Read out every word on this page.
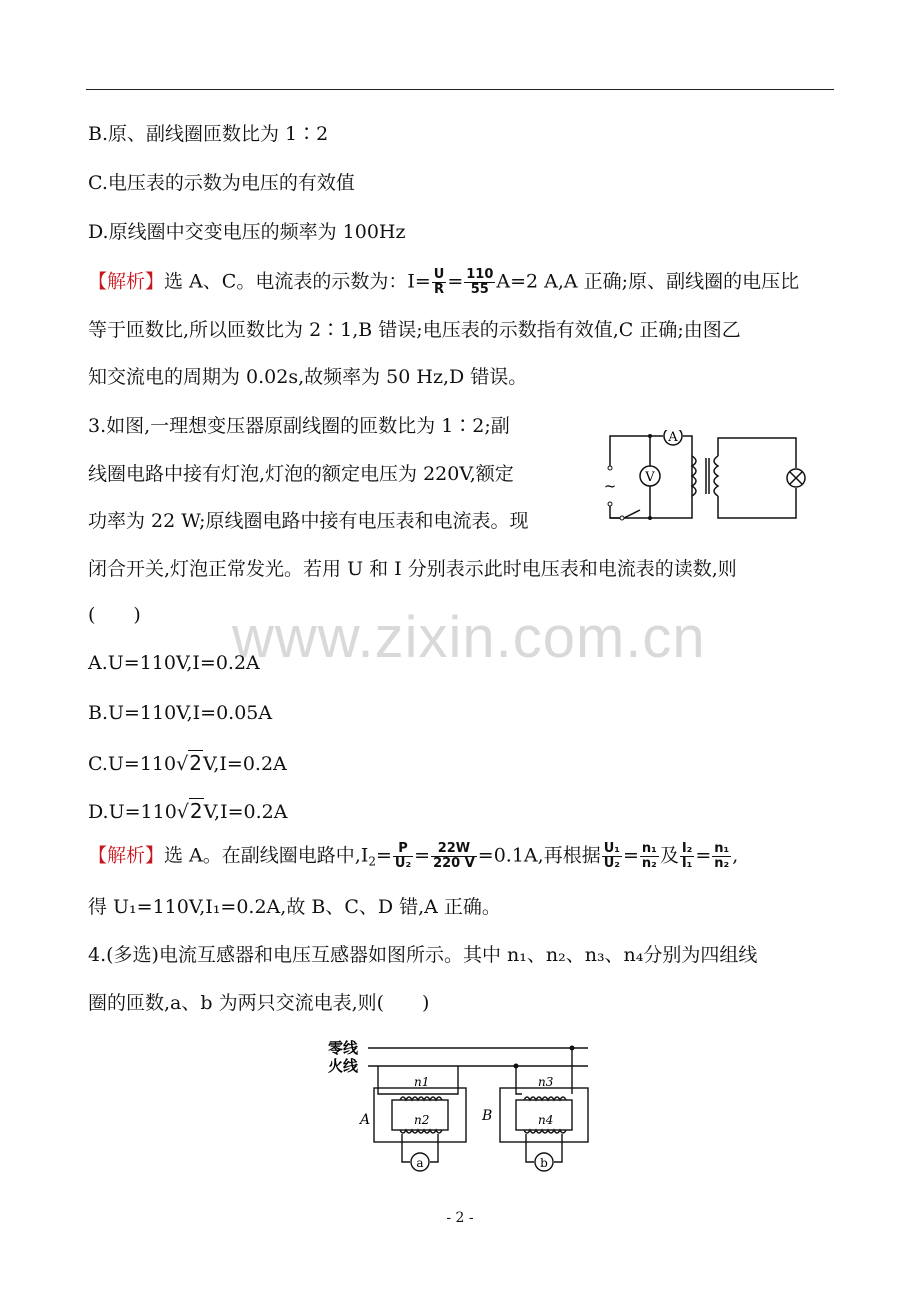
B.原、副线圈匝数比为 1∶2
C.电压表的示数为电压的有效值
D.原线圈中交变电压的频率为 100Hz
【解析】选 A、C。电流表的示数为：$I= \frac{U}{R} = \frac{110}{55} A=2$ A,A 正确;原、副线圈的电压比
等于匝数比,所以匝数比为 2∶1,B 错误;电压表的示数指有效值,C 正确;由图乙
知交流电的周期为 0.02s,故频率为 50 Hz,D 错误。
3.如图,一理想变压器原副线圈的匝数比为 1∶2;副
线圈电路中接有灯泡,灯泡的额定电压为 220V,额定
功率为 22 W;原线圈电路中接有电压表和电流表。现
闭合开关,灯泡正常发光。若用 U 和 I 分别表示此时电压表和电流表的读数,则
(　　)
A
V
~
www.zixin.com.cn
A.U=110V,I=0.2A
B.U=110V,I=0.05A
C.U=110√2V,I=0.2A
D.U=110√2V,I=0.2A
【解析】选 A。在副线圈电路中$,I_2= \frac{P}{\text{U₂}} = \frac{22W}{220 V} =0.1A$,再根据 $\frac{\text{U₁}}{\text{U₂}} = \frac{\text{n₁}}{\text{n₂}}$ 及 $\frac{\text{I₂}}{\text{I₁}} = \frac{\text{n₁}}{\text{n₂}}$ ,
得 U₁=110V,I₁=0.2A,故 B、C、D 错,A 正确。
4.(多选)电流互感器和电压互感器如图所示。其中 n₁、n₂、n₃、n₄分别为四组线
圈的匝数,a、b 为两只交流电表,则(　　)
零线
火线
A	B
n1
n2
n3
n4
a	b
- 2 -
